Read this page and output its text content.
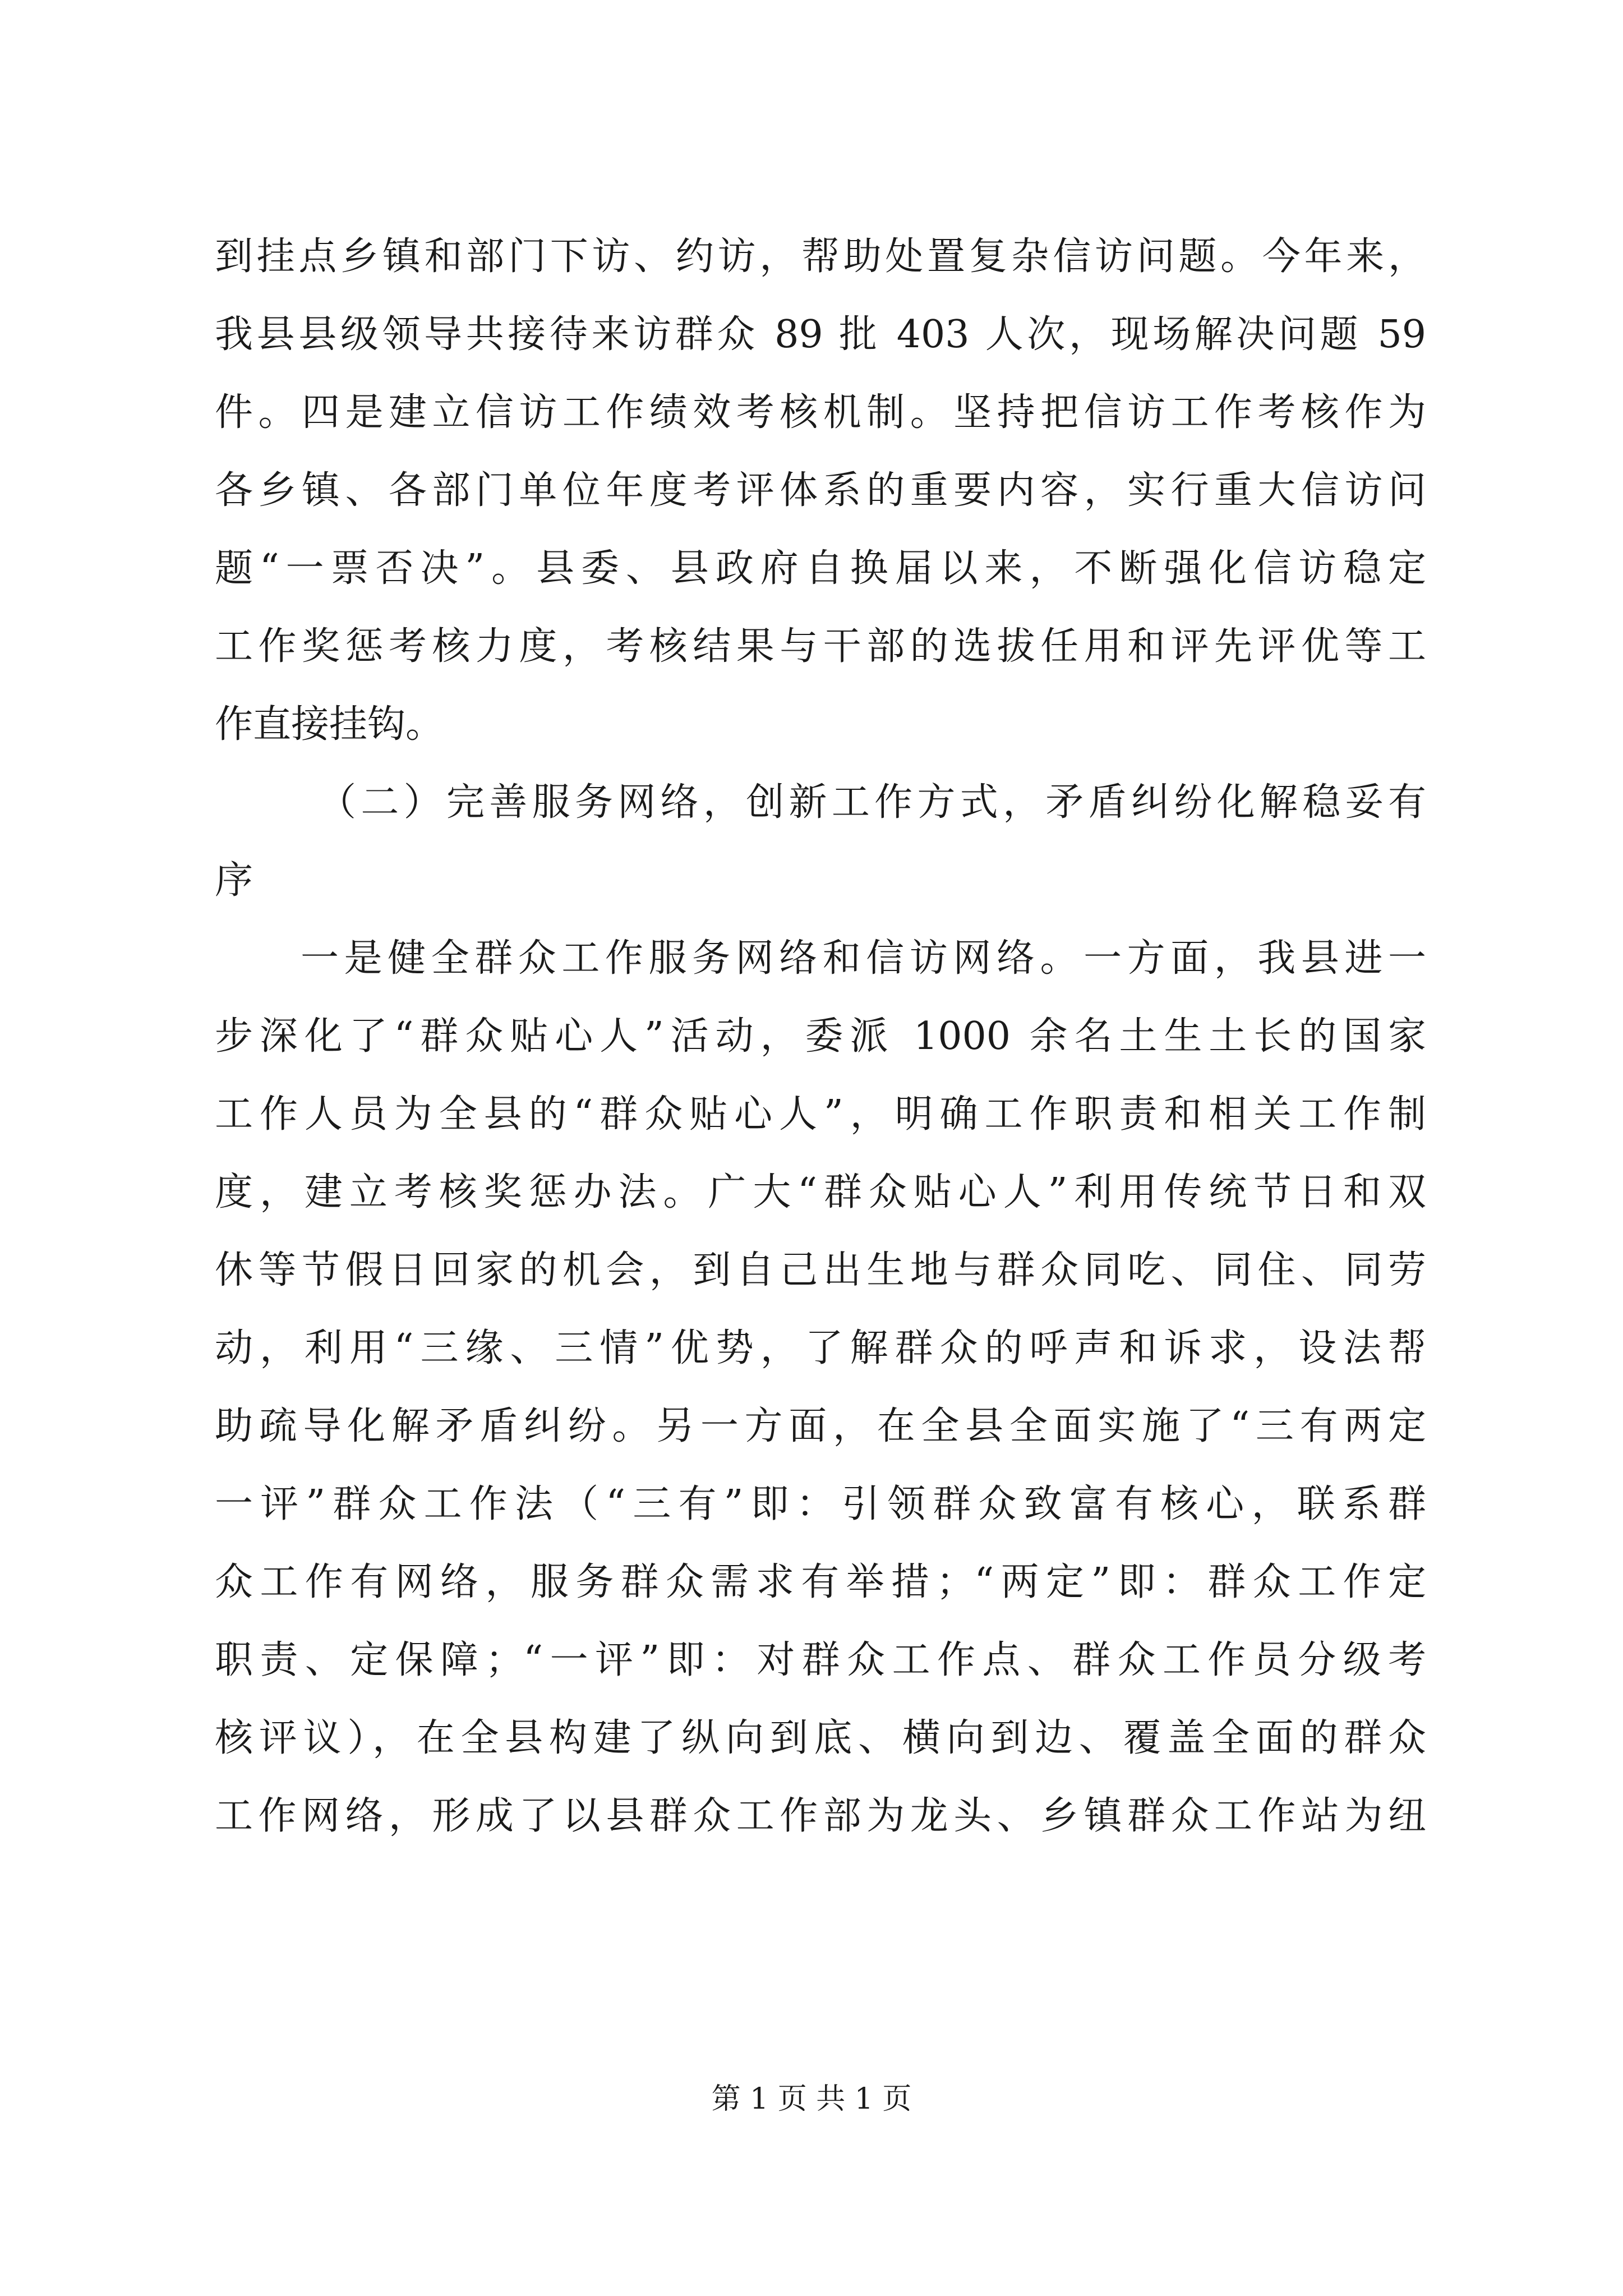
到挂点乡镇和部门下访、约访，帮助处置复杂信访问题。今年来，
我县县级领导共接待来访群众 89 批 403 人次，现场解决问题 59
件。四是建立信访工作绩效考核机制。坚持把信访工作考核作为
各乡镇、各部门单位年度考评体系的重要内容，实行重大信访问
题“一票否决”。县委、县政府自换届以来，不断强化信访稳定
工作奖惩考核力度，考核结果与干部的选拔任用和评先评优等工
作直接挂钩。
（二）完善服务网络，创新工作方式，矛盾纠纷化解稳妥有
序
一是健全群众工作服务网络和信访网络。一方面，我县进一
步深化了“群众贴心人”活动，委派 1000 余名土生土长的国家
工作人员为全县的“群众贴心人”，明确工作职责和相关工作制
度，建立考核奖惩办法。广大“群众贴心人”利用传统节日和双
休等节假日回家的机会，到自己出生地与群众同吃、同住、同劳
动，利用“三缘、三情”优势，了解群众的呼声和诉求，设法帮
助疏导化解矛盾纠纷。另一方面，在全县全面实施了“三有两定
一评”群众工作法（“三有”即：引领群众致富有核心，联系群
众工作有网络，服务群众需求有举措；“两定”即：群众工作定
职责、定保障；“一评”即：对群众工作点、群众工作员分级考
核评议），在全县构建了纵向到底、横向到边、覆盖全面的群众
工作网络，形成了以县群众工作部为龙头、乡镇群众工作站为纽
第 1 页 共 1 页
